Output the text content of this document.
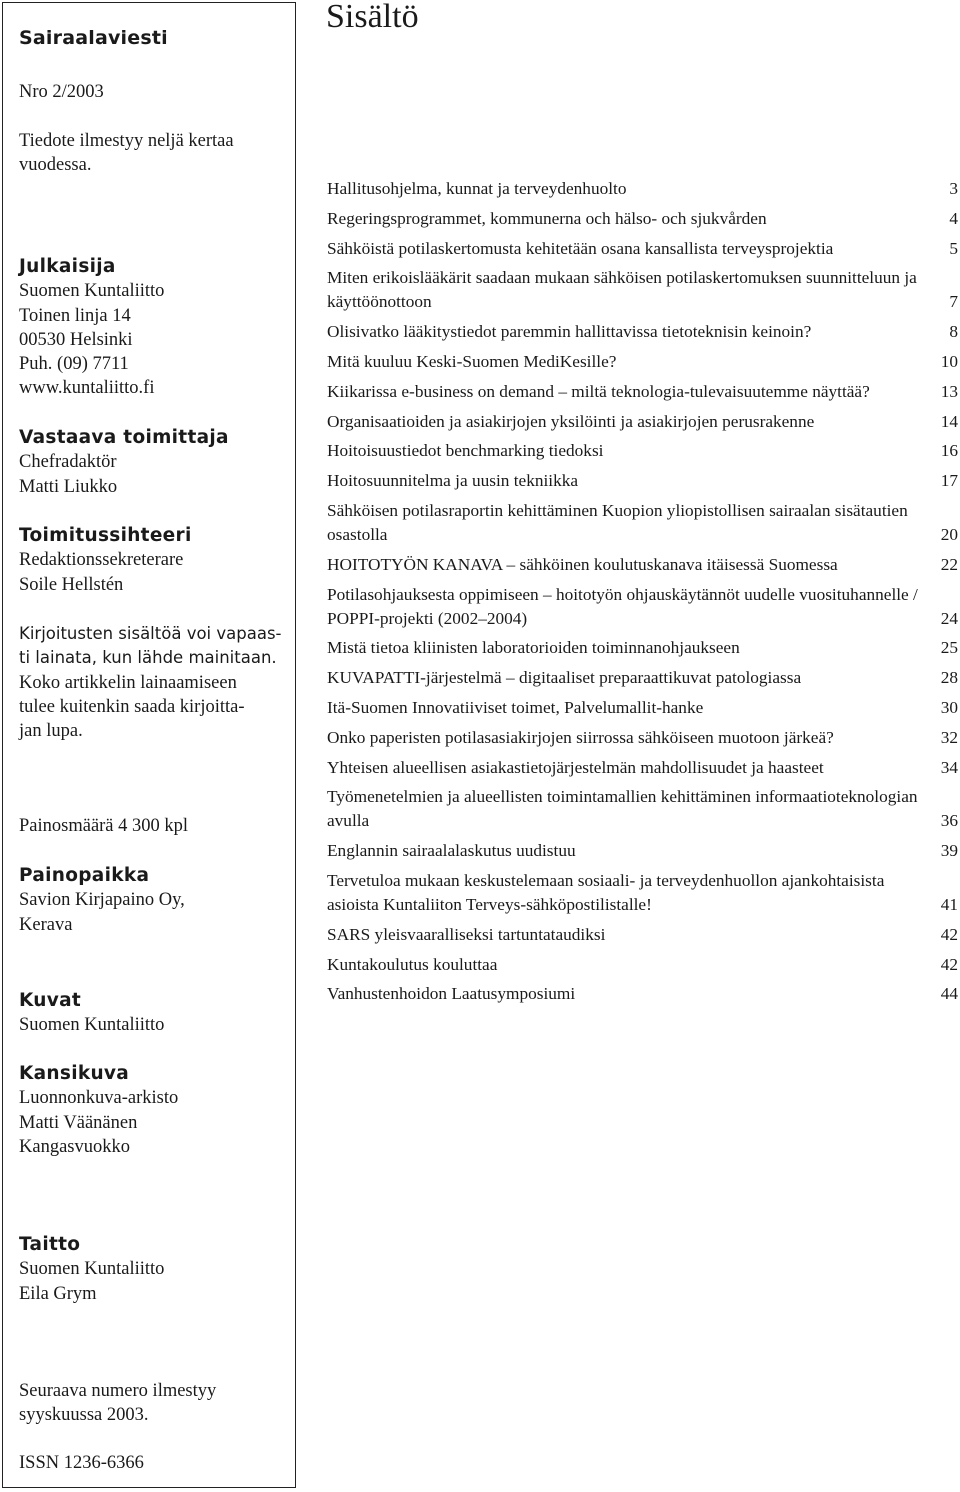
Sairaalaviesti
Nro 2/2003
Tiedote ilmestyy neljä kertaa
vuodessa.
Julkaisija
Suomen Kuntaliitto
Toinen linja 14
00530 Helsinki
Puh. (09) 7711
www.kuntaliitto.fi
Vastaava toimittaja
Chefradaktör
Matti Liukko
Toimitussihteeri
Redaktionssekreterare
Soile Hellstén
Kirjoitusten sisältöä voi vapaas-
ti lainata, kun lähde mainitaan.
Koko artikkelin lainaamiseen
tulee kuitenkin saada kirjoitta-
jan lupa.
Painosmäärä 4 300 kpl
Painopaikka
Savion Kirjapaino Oy,
Kerava
Kuvat
Suomen Kuntaliitto
Kansikuva
Luonnonkuva-arkisto
Matti Väänänen
Kangasvuokko
Taitto
Suomen Kuntaliitto
Eila Grym
Seuraava numero ilmestyy
syyskuussa 2003.
ISSN 1236-6366
Sisältö
Hallitusohjelma, kunnat ja terveydenhuolto	3
Regeringsprogrammet, kommunerna och hälso- och sjukvården	4
Sähköistä potilaskertomusta kehitetään osana kansallista terveysprojektia	5
Miten erikoislääkärit saadaan mukaan sähköisen potilaskertomuksen suunnitteluun ja käyttöönottoon	7
Olisivatko lääkitystiedot paremmin hallittavissa tietoteknisin keinoin?	8
Mitä kuuluu Keski-Suomen MediKesille?	10
Kiikarissa e-business on demand – miltä teknologia-tulevaisuutemme näyttää?	13
Organisaatioiden ja asiakirjojen yksilöinti ja asiakirjojen perusrakenne	14
Hoitoisuustiedot benchmarking tiedoksi	16
Hoitosuunnitelma ja uusin tekniikka	17
Sähköisen potilasraportin kehittäminen Kuopion yliopistollisen sairaalan sisätautien osastolla	20
HOITOTYÖN KANAVA – sähköinen koulutuskanava itäisessä Suomessa	22
Potilasohjauksesta oppimiseen – hoitotyön ohjauskäytännöt uudelle vuosituhannelle / POPPI-projekti (2002–2004)	24
Mistä tietoa kliinisten laboratorioiden toiminnanohjaukseen	25
KUVAPATTI-järjestelmä – digitaaliset preparaattikuvat patologiassa	28
Itä-Suomen Innovatiiviset toimet, Palvelumallit-hanke	30
Onko paperisten potilasasiakirjojen siirrossa sähköiseen muotoon järkeä?	32
Yhteisen alueellisen asiakastietojärjestelmän mahdollisuudet ja haasteet	34
Työmenetelmien ja alueellisten toimintamallien kehittäminen informaatioteknologian avulla	36
Englannin sairaalalaskutus uudistuu	39
Tervetuloa mukaan keskustelemaan sosiaali- ja terveydenhuollon ajankohtaisista asioista Kuntaliiton Terveys-sähköpostilistalle!	41
SARS yleisvaaralliseksi tartuntataudiksi	42
Kuntakoulutus kouluttaa	42
Vanhustenhoidon Laatusymposiumi	44
